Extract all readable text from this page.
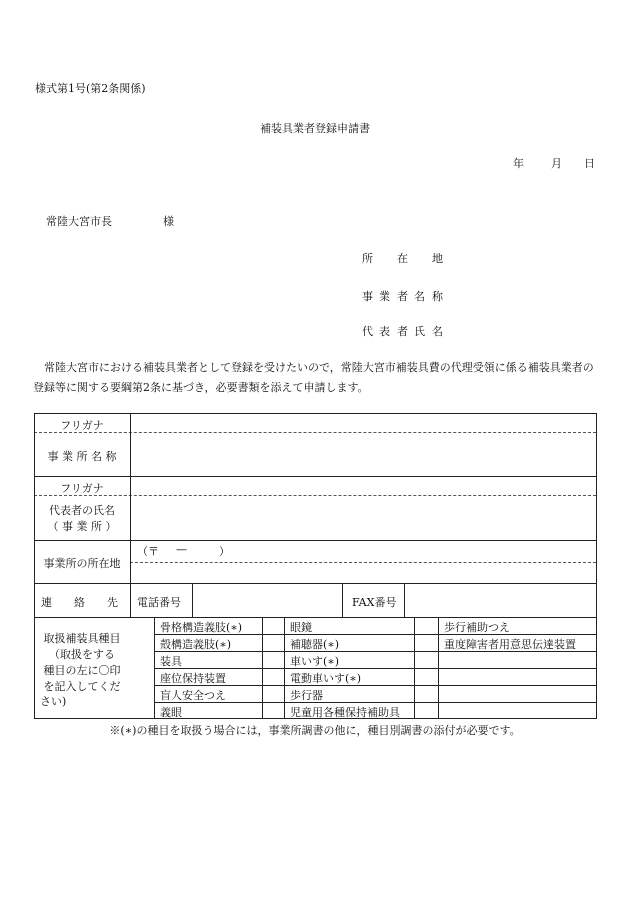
様式第1号(第2条関係)
補装具業者登録申請書
年 月 日
常陸大宮市長	様
所 在 地
事 業 者 名 称
代 表 者 氏 名
常陸大宮市における補装具業者として登録を受けたいので，常陸大宮市補装具費の代理受領に係る補装具業者の登録等に関する要綱第2条に基づき，必要書類を添えて申請します。
フリガナ
事 業 所 名 称
フリガナ
代表者の氏名
（ 事 業 所 ）
事業所の所在地
（〒 —	）
連 絡 先 電話番号	FAX番号
取扱補装具種目
（取扱をする
種目の左に〇印
を記入してくだ
さい)
骨格構造義肢(∗)	眼鏡	歩行補助つえ
殻構造義肢(∗)	補聴器(∗)	重度障害者用意思伝達装置
装具	車いす(∗)
座位保持装置	電動車いす(∗)
盲人安全つえ	歩行器
義眼	児童用各種保持補助具
※(∗)の種目を取扱う場合には，事業所調書の他に，種目別調書の添付が必要です。
